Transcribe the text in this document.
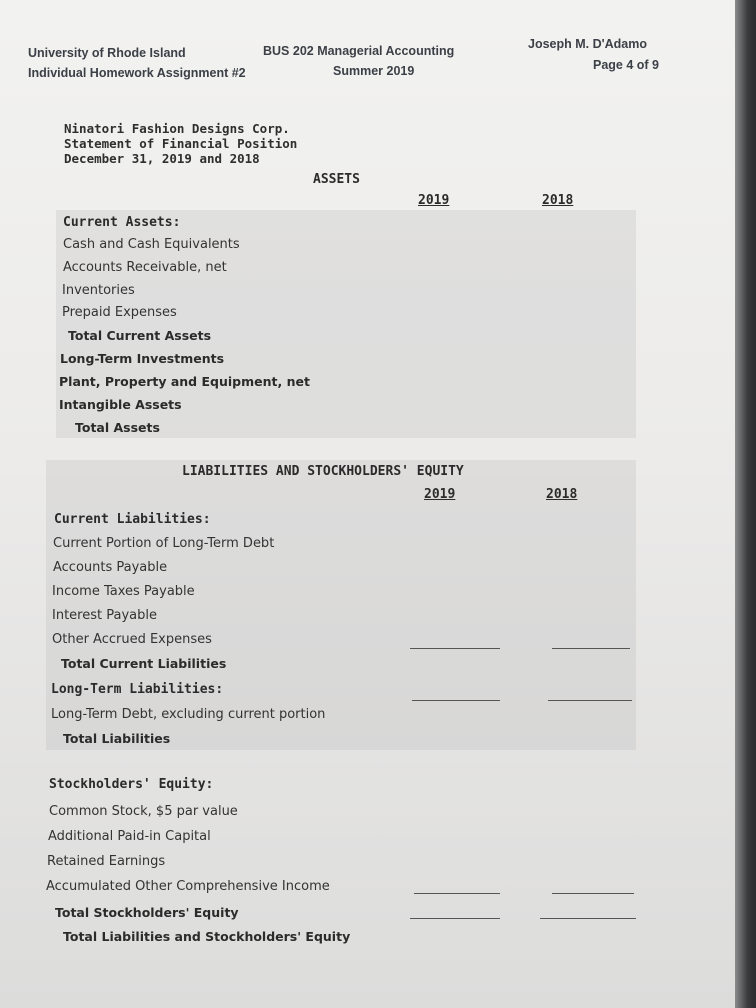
University of Rhode Island
Individual Homework Assignment #2
BUS 202 Managerial Accounting
Summer 2019
Joseph M. D'Adamo
Page 4 of 9
Ninatori Fashion Designs Corp.
Statement of Financial Position
December 31, 2019 and 2018
ASSETS
2019	2018
Current Assets:
Cash and Cash Equivalents
Accounts Receivable, net
Inventories
Prepaid Expenses
Total Current Assets
Long-Term Investments
Plant, Property and Equipment, net
Intangible Assets
Total Assets
LIABILITIES AND STOCKHOLDERS' EQUITY
2019	2018
Current Liabilities:
Current Portion of Long-Term Debt
Accounts Payable
Income Taxes Payable
Interest Payable
Other Accrued Expenses
Total Current Liabilities
Long-Term Liabilities:
Long-Term Debt, excluding current portion
Total Liabilities
Stockholders' Equity:
Common Stock, $5 par value
Additional Paid-in Capital
Retained Earnings
Accumulated Other Comprehensive Income
Total Stockholders' Equity
Total Liabilities and Stockholders' Equity
